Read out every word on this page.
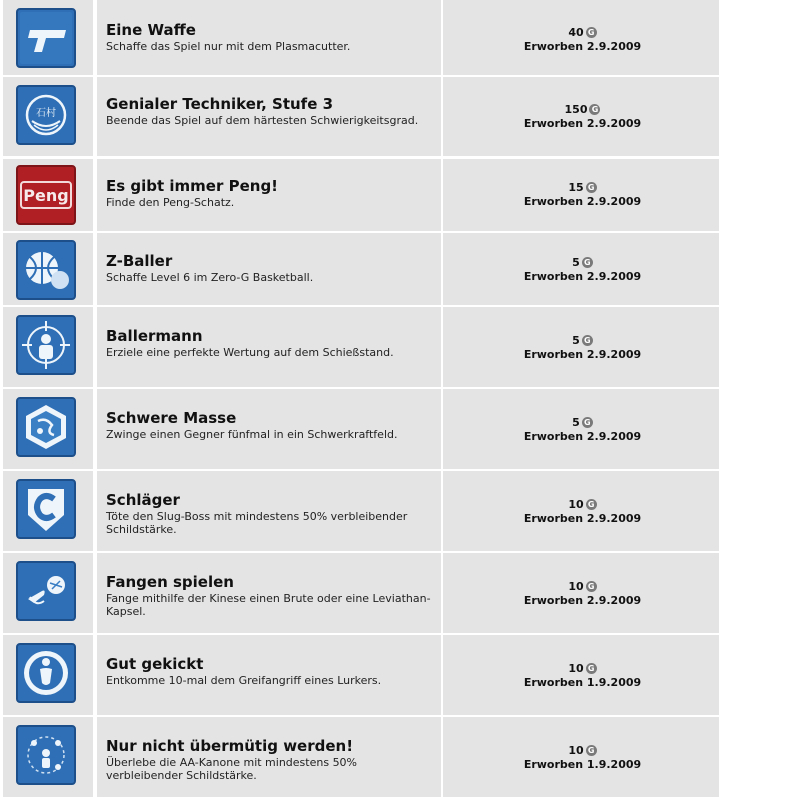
Eine Waffe
Schaffe das Spiel nur mit dem Plasmacutter.
40 G
Erworben 2.9.2009
石村
Genialer Techniker, Stufe 3
Beende das Spiel auf dem härtesten Schwierigkeitsgrad.
150 G
Erworben 2.9.2009
Peng Es gibt immer Peng!
Finde den Peng-Schatz.
15 G
Erworben 2.9.2009
Z-Baller
Schaffe Level 6 im Zero-G Basketball.
5 G
Erworben 2.9.2009
Ballermann
Erziele eine perfekte Wertung auf dem Schießstand.
5 G
Erworben 2.9.2009
Schwere Masse
Zwinge einen Gegner fünfmal in ein Schwerkraftfeld.
5 G
Erworben 2.9.2009
Schläger
Töte den Slug-Boss mit mindestens 50% verbleibender Schildstärke.
10 G
Erworben 2.9.2009
Fangen spielen
Fange mithilfe der Kinese einen Brute oder eine Leviathan-Kapsel.
10 G
Erworben 2.9.2009
Gut gekickt
Entkomme 10-mal dem Greifangriff eines Lurkers.
10 G
Erworben 1.9.2009
Nur nicht übermütig werden!
Überlebe die AA-Kanone mit mindestens 50% verbleibender Schildstärke.
10 G
Erworben 1.9.2009
